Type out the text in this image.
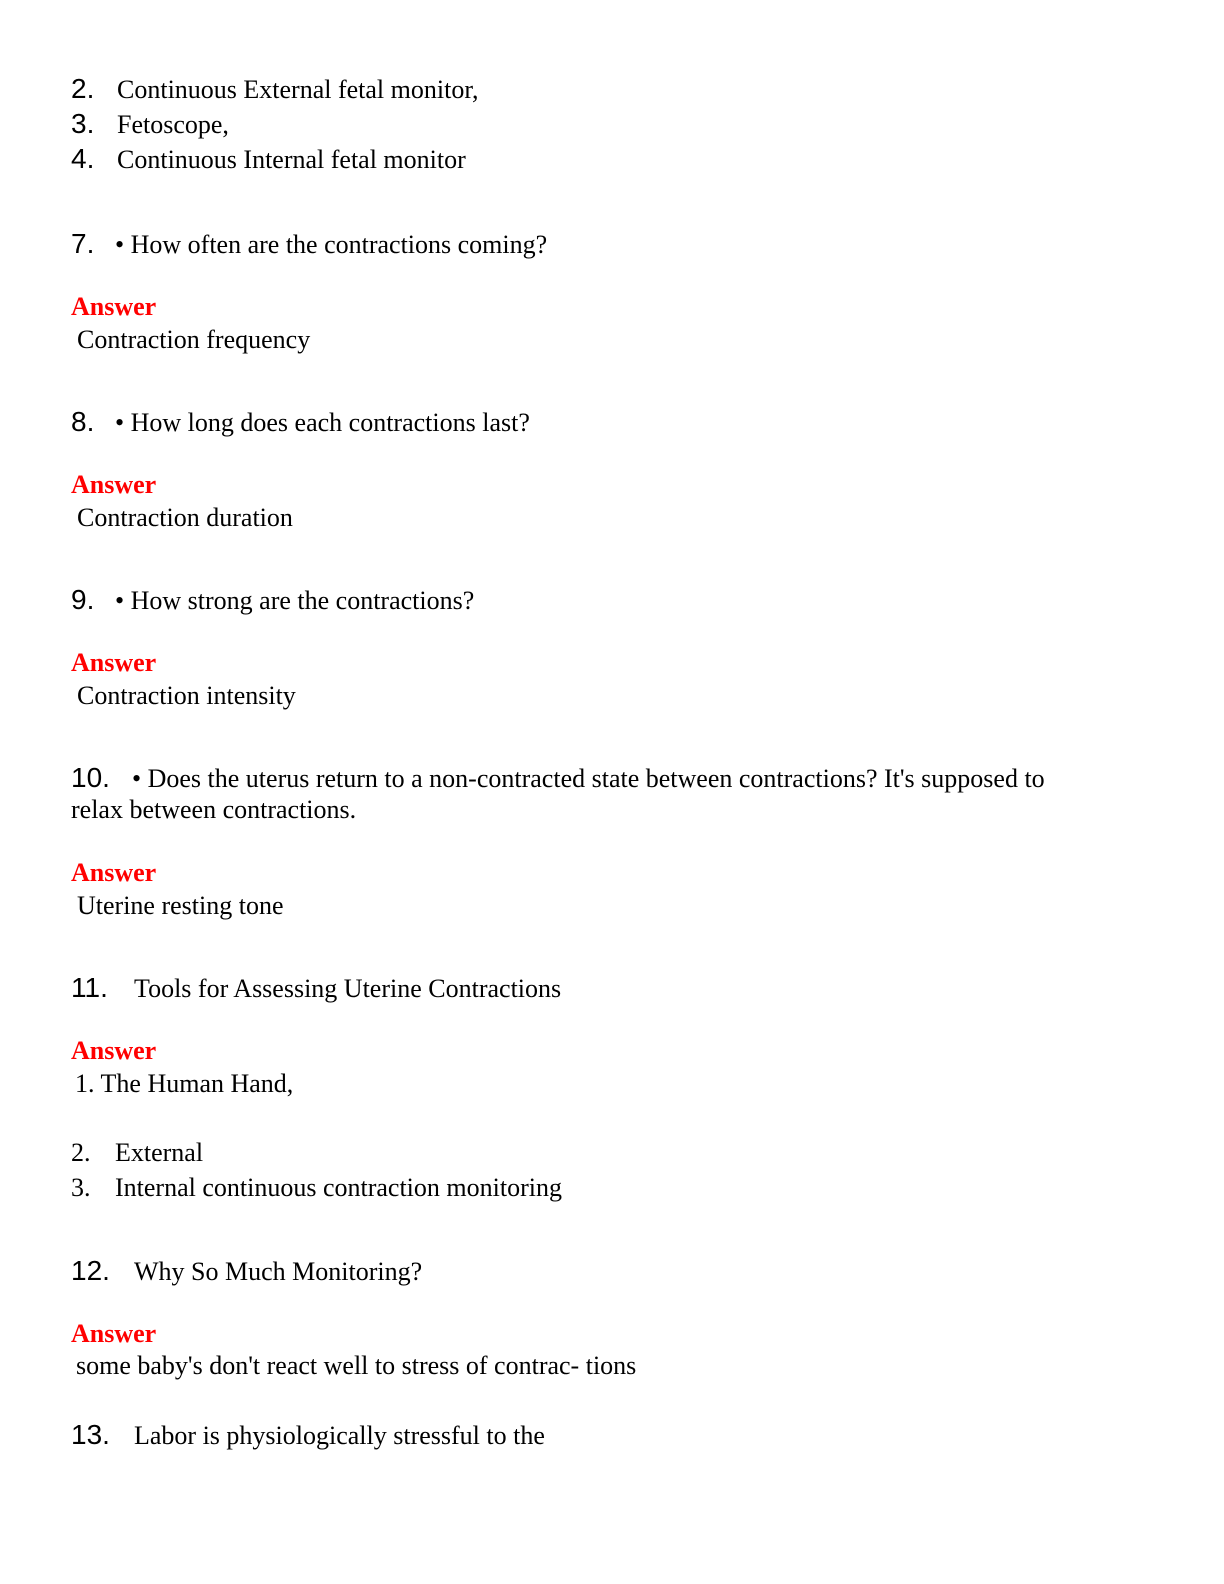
2. Continuous External fetal monitor,
3. Fetoscope,
4. Continuous Internal fetal monitor
7. • How often are the contractions coming?
Answer
Contraction frequency
8. • How long does each contractions last?
Answer
Contraction duration
9. • How strong are the contractions?
Answer
Contraction intensity
10. • Does the uterus return to a non-contracted state between contractions? It's supposed to
relax between contractions.
Answer
Uterine resting tone
11. Tools for Assessing Uterine Contractions
Answer
1. The Human Hand,
2. External
3. Internal continuous contraction monitoring
12. Why So Much Monitoring?
Answer
some baby's don't react well to stress of contrac- tions
13. Labor is physiologically stressful to the
